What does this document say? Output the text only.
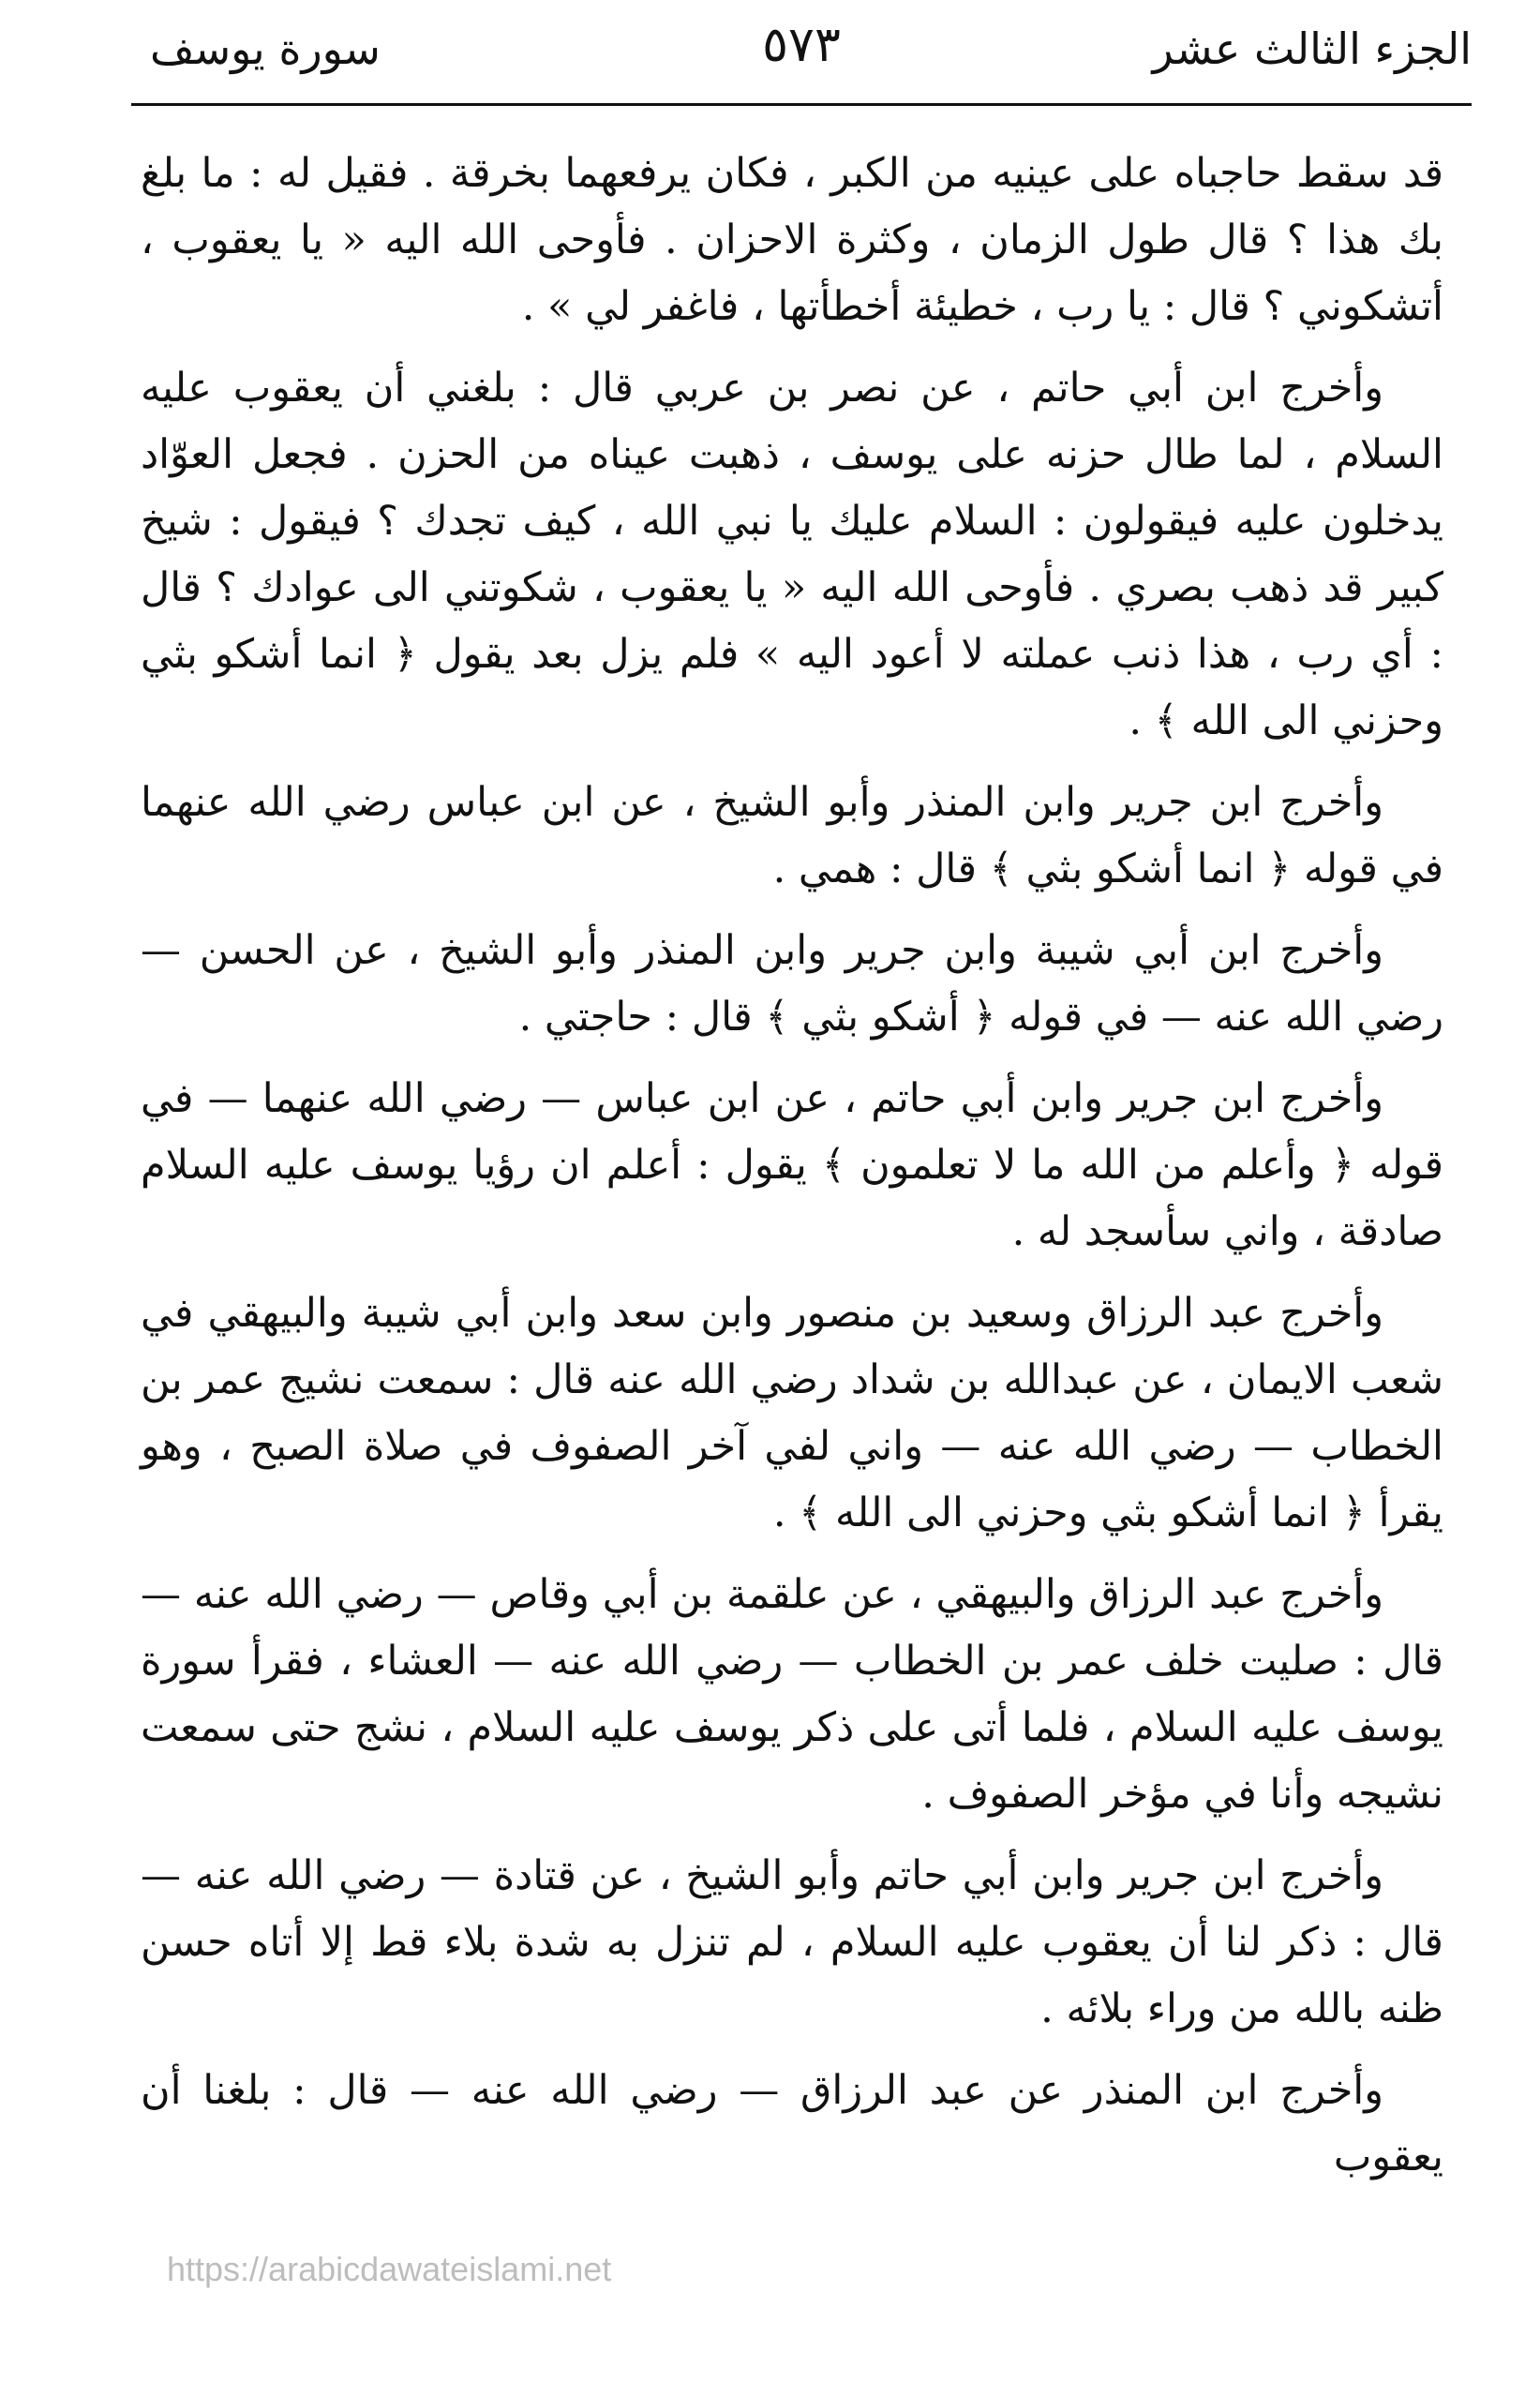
الجزء الثالث عشر
٥٧٣
سورة يوسف

قد سقط حاجباه على عينيه من الكبر ، فكان يرفعهما بخرقة . فقيل له : ما بلغ بك هذا ؟ قال طول الزمان ، وكثرة الاحزان . فأوحى الله اليه « يا يعقوب ، أتشكوني ؟ قال : يا رب ، خطيئة أخطأتها ، فاغفر لي » .

وأخرج ابن أبي حاتم ، عن نصر بن عربي قال : بلغني أن يعقوب عليه السلام ، لما طال حزنه على يوسف ، ذهبت عيناه من الحزن . فجعل العوّاد يدخلون عليه فيقولون : السلام عليك يا نبي الله ، كيف تجدك ؟ فيقول : شيخ كبير قد ذهب بصري . فأوحى الله اليه « يا يعقوب ، شكوتني الى عوادك ؟ قال : أي رب ، هذا ذنب عملته لا أعود اليه » فلم يزل بعد يقول ﴿ انما أشكو بثي وحزني الى الله ﴾ .

وأخرج ابن جرير وابن المنذر وأبو الشيخ ، عن ابن عباس رضي الله عنهما في قوله ﴿ انما أشكو بثي ﴾ قال : همي .

وأخرج ابن أبي شيبة وابن جرير وابن المنذر وأبو الشيخ ، عن الحسن — رضي الله عنه — في قوله ﴿ أشكو بثي ﴾ قال : حاجتي .

وأخرج ابن جرير وابن أبي حاتم ، عن ابن عباس — رضي الله عنهما — في قوله ﴿ وأعلم من الله ما لا تعلمون ﴾ يقول : أعلم ان رؤيا يوسف عليه السلام صادقة ، واني سأسجد له .

وأخرج عبد الرزاق وسعيد بن منصور وابن سعد وابن أبي شيبة والبيهقي في شعب الايمان ، عن عبدالله بن شداد رضي الله عنه قال : سمعت نشيج عمر بن الخطاب — رضي الله عنه — واني لفي آخر الصفوف في صلاة الصبح ، وهو يقرأ ﴿ انما أشكو بثي وحزني الى الله ﴾ .

وأخرج عبد الرزاق والبيهقي ، عن علقمة بن أبي وقاص — رضي الله عنه — قال : صليت خلف عمر بن الخطاب — رضي الله عنه — العشاء ، فقرأ سورة يوسف عليه السلام ، فلما أتى على ذكر يوسف عليه السلام ، نشج حتى سمعت نشيجه وأنا في مؤخر الصفوف .

وأخرج ابن جرير وابن أبي حاتم وأبو الشيخ ، عن قتادة — رضي الله عنه — قال : ذكر لنا أن يعقوب عليه السلام ، لم تنزل به شدة بلاء قط إلا أتاه حسن ظنه بالله من وراء بلائه .

وأخرج ابن المنذر عن عبد الرزاق — رضي الله عنه — قال : بلغنا أن يعقوب

https://arabicdawateislami.net
